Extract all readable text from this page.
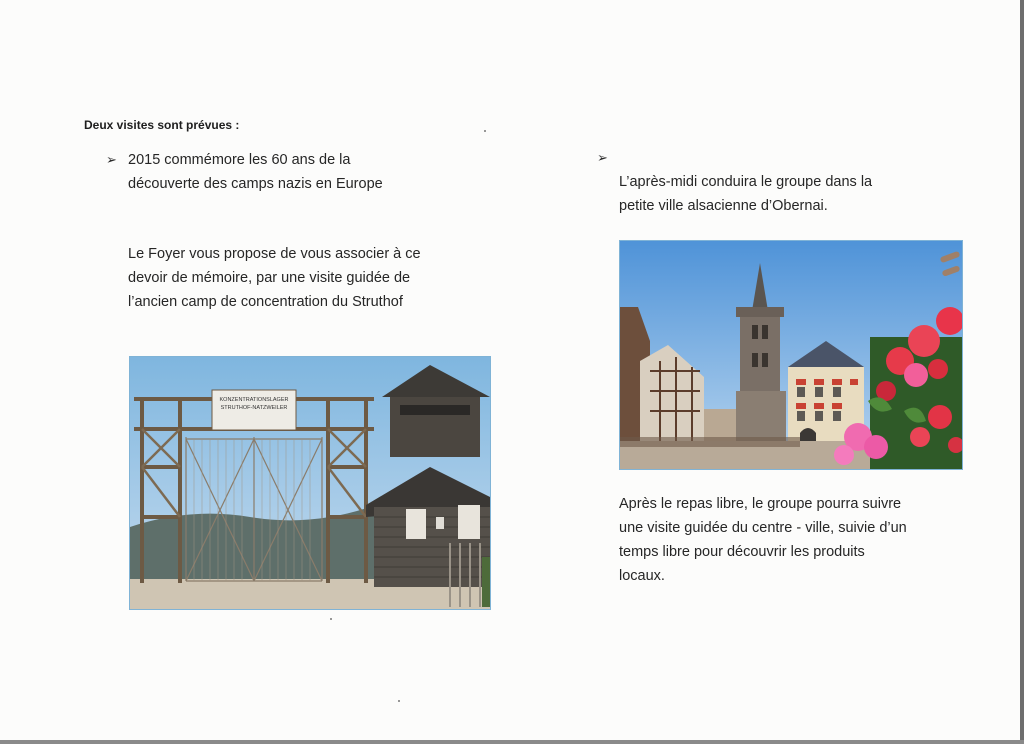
Deux visites sont prévues :
➢ 2015 commémore les 60 ans de la
découverte des camps nazis en Europe
Le Foyer vous propose de vous associer à ce
devoir de mémoire, par une visite guidée de
l’ancien camp de concentration du Struthof
KONZENTRATIONSLAGER
STRUTHOF-NATZWEILER
➢
L’après-midi conduira le groupe dans la
petite ville alsacienne d’Obernai.
Après le repas libre, le groupe pourra suivre
une visite guidée du centre - ville, suivie d’un
temps libre pour découvrir les produits
locaux.
